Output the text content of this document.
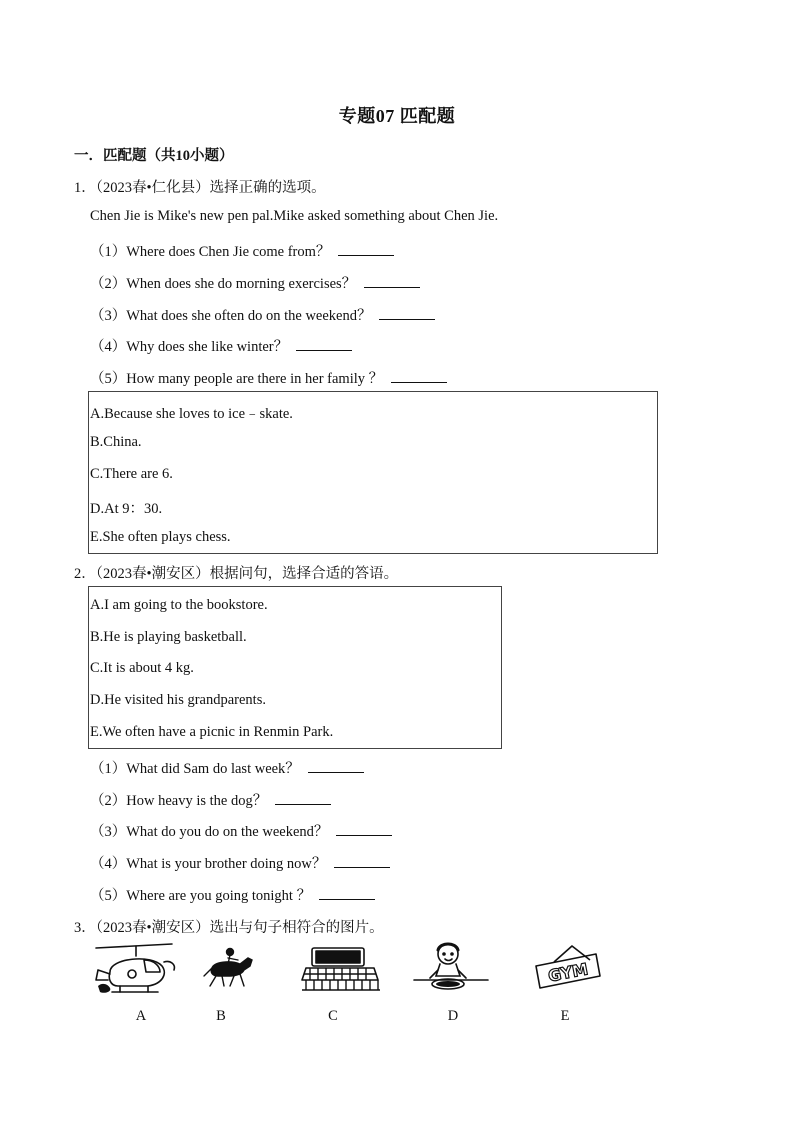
专题07 匹配题
一．匹配题（共10小题）
1．（2023春•仁化县）选择正确的选项。
Chen Jie is Mike's new pen pal.Mike asked something about Chen Jie.
（1）Where does Chen Jie come from？
（2）When does she do morning exercises？
（3）What does she often do on the weekend？
（4）Why does she like winter？
（5）How many people are there in her family ？
A.Because she loves to ice﹣skate.
B.China.
C.There are 6.
D.At 9：30.
E.She often plays chess.
2．（2023春•潮安区）根据问句，选择合适的答语。
A.I am going to the bookstore.
B.He is playing basketball.
C.It is about 4 kg.
D.He visited his grandparents.
E.We often have a picnic in Renmin Park.
（1）What did Sam do last week？
（2）How heavy is the dog？
（3）What do you do on the weekend？
（4）What is your brother doing now？
（5）Where are you going tonight ？
3．（2023春•潮安区）选出与句子相符合的图片。
GYM
A	B	C	D	E
